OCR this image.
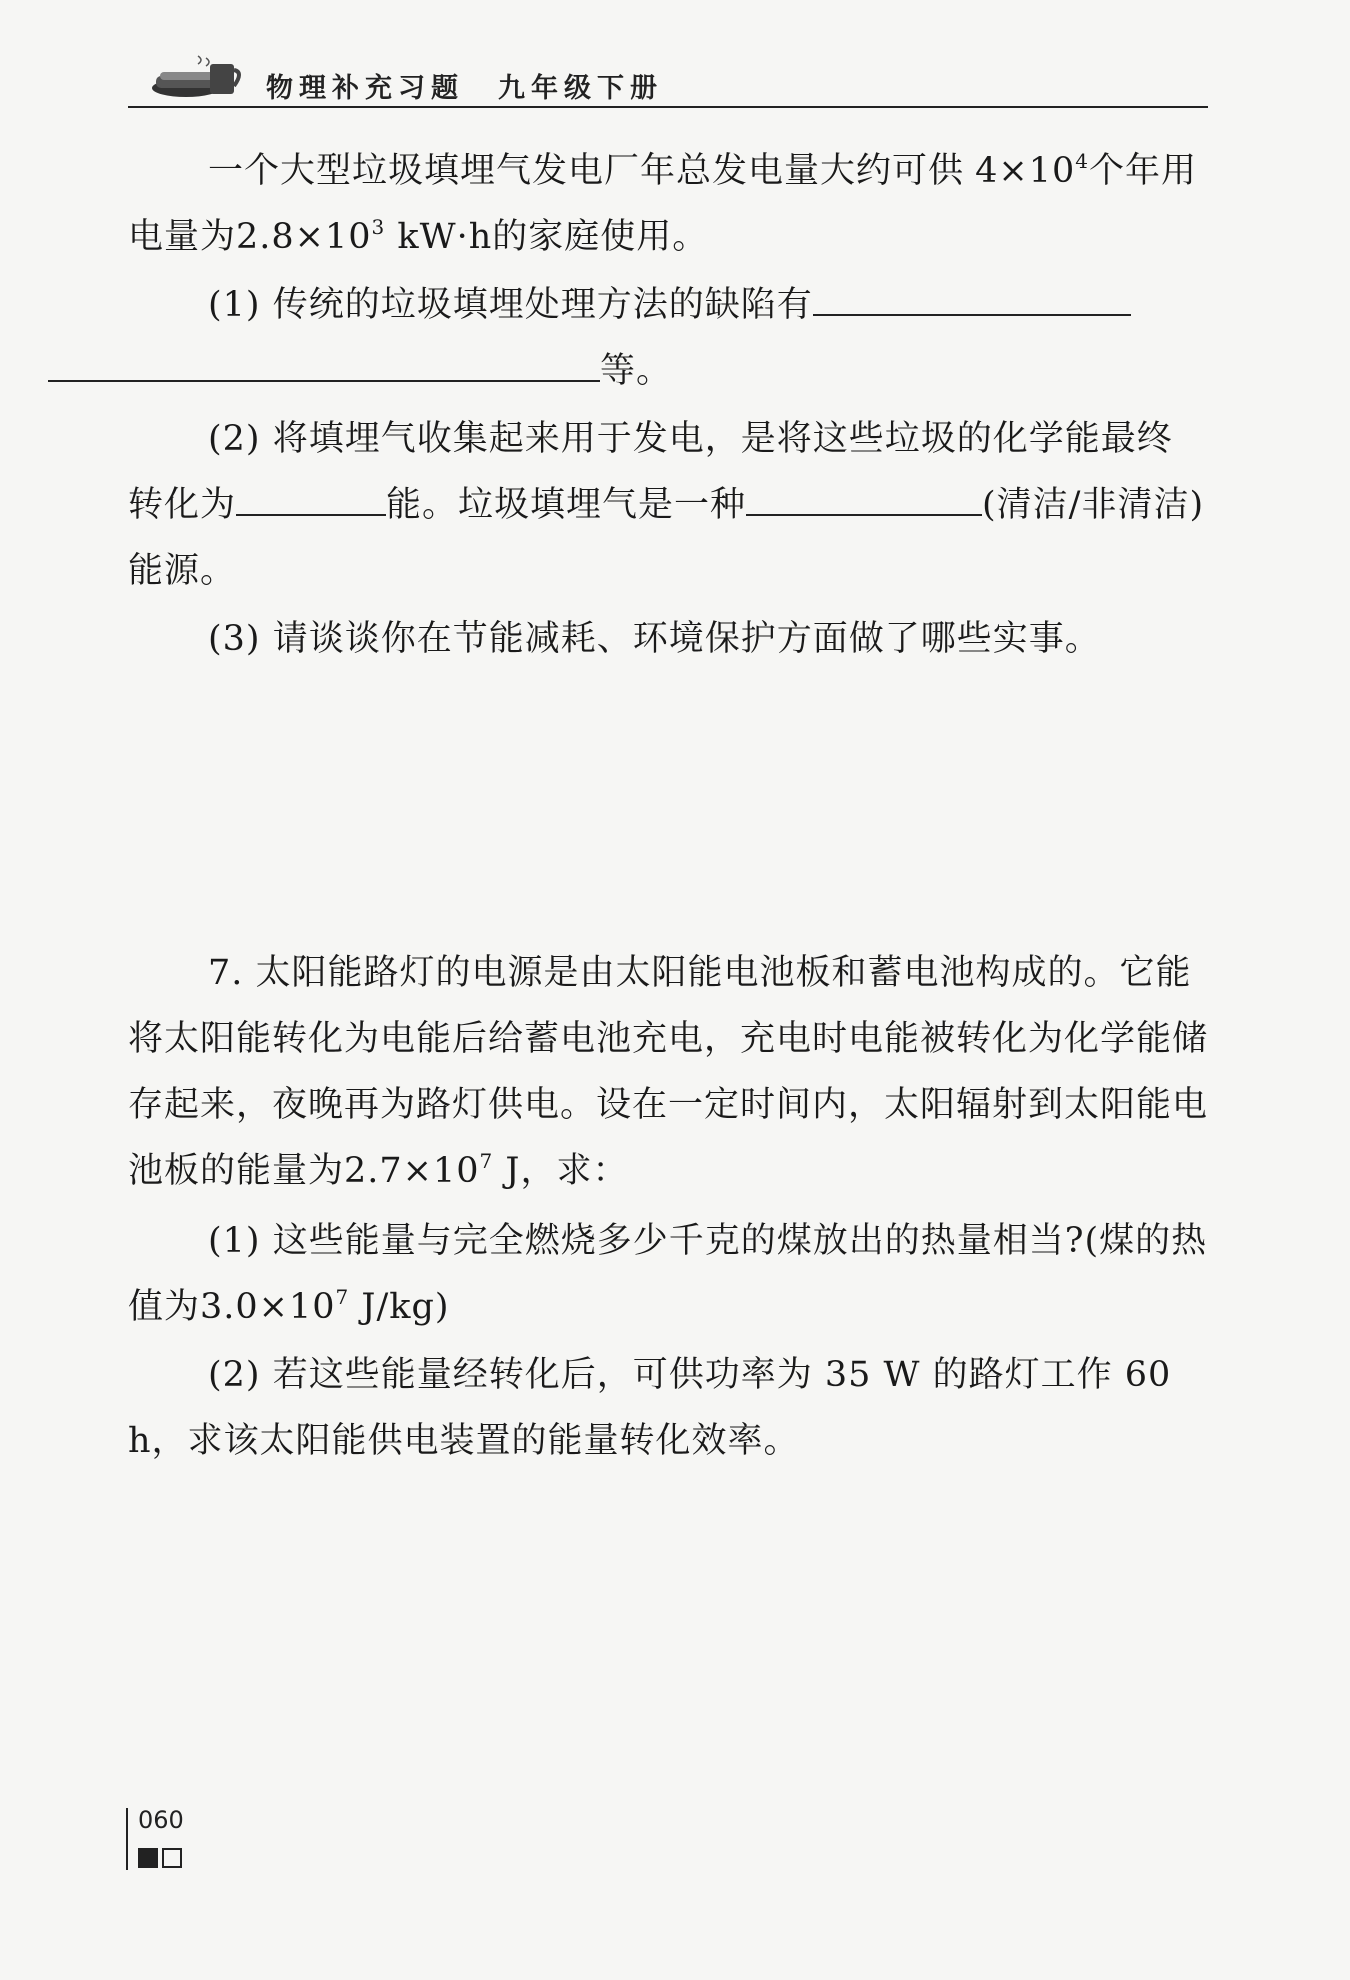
物理补充习题 九年级下册
一个大型垃圾填埋气发电厂年总发电量大约可供 $4\times 10^4$个年用电量为$2.8\times 10^3$ kW·h的家庭使用。
(1) 传统的垃圾填埋处理方法的缺陷有
等。
(2) 将填埋气收集起来用于发电，是将这些垃圾的化学能最终转化为	能。垃圾填埋气是一种	(清洁/非清洁)能源。
(3) 请谈谈你在节能减耗、环境保护方面做了哪些实事。
7. 太阳能路灯的电源是由太阳能电池板和蓄电池构成的。它能将太阳能转化为电能后给蓄电池充电，充电时电能被转化为化学能储存起来，夜晚再为路灯供电。设在一定时间内，太阳辐射到太阳能电池板的能量为$2.7\times 10^7$ J，求：
(1) 这些能量与完全燃烧多少千克的煤放出的热量相当?(煤的热值为$3.0\times 10^7$ J/kg)
(2) 若这些能量经转化后，可供功率为 35 W 的路灯工作 60 h，求该太阳能供电装置的能量转化效率。
060
